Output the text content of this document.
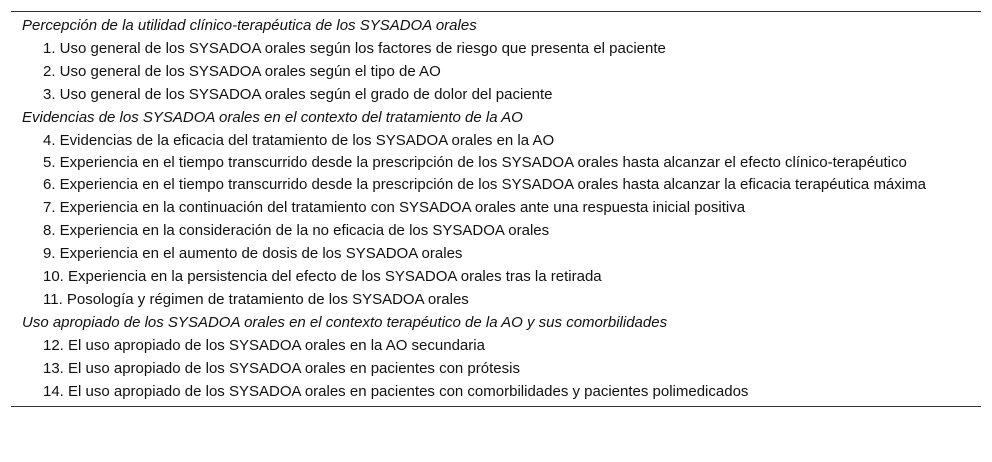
Percepción de la utilidad clínico-terapéutica de los SYSADOA orales
1. Uso general de los SYSADOA orales según los factores de riesgo que presenta el paciente
2. Uso general de los SYSADOA orales según el tipo de AO
3. Uso general de los SYSADOA orales según el grado de dolor del paciente
Evidencias de los SYSADOA orales en el contexto del tratamiento de la AO
4. Evidencias de la eficacia del tratamiento de los SYSADOA orales en la AO
5. Experiencia en el tiempo transcurrido desde la prescripción de los SYSADOA orales hasta alcanzar el efecto clínico-terapéutico
6. Experiencia en el tiempo transcurrido desde la prescripción de los SYSADOA orales hasta alcanzar la eficacia terapéutica máxima
7. Experiencia en la continuación del tratamiento con SYSADOA orales ante una respuesta inicial positiva
8. Experiencia en la consideración de la no eficacia de los SYSADOA orales
9. Experiencia en el aumento de dosis de los SYSADOA orales
10. Experiencia en la persistencia del efecto de los SYSADOA orales tras la retirada
11. Posología y régimen de tratamiento de los SYSADOA orales
Uso apropiado de los SYSADOA orales en el contexto terapéutico de la AO y sus comorbilidades
12. El uso apropiado de los SYSADOA orales en la AO secundaria
13. El uso apropiado de los SYSADOA orales en pacientes con prótesis
14. El uso apropiado de los SYSADOA orales en pacientes con comorbilidades y pacientes polimedicados
